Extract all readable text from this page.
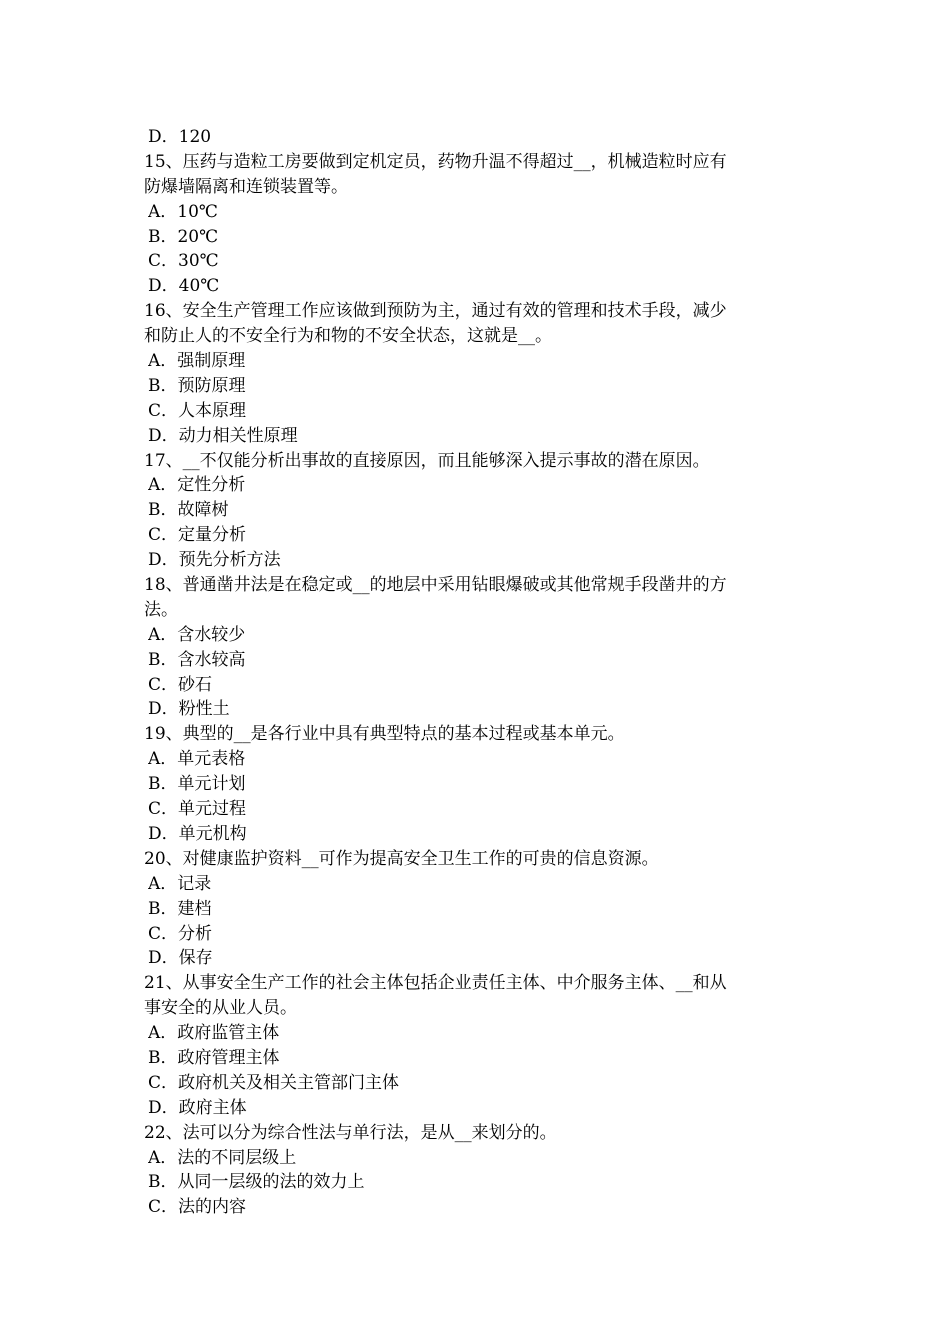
D．120
15、压药与造粒工房要做到定机定员，药物升温不得超过__，机械造粒时应有
防爆墙隔离和连锁装置等。
A．10℃
B．20℃
C．30℃
D．40℃
16、安全生产管理工作应该做到预防为主，通过有效的管理和技术手段，减少
和防止人的不安全行为和物的不安全状态，这就是__。
A．强制原理
B．预防原理
C．人本原理
D．动力相关性原理
17、__不仅能分析出事故的直接原因，而且能够深入提示事故的潜在原因。
A．定性分析
B．故障树
C．定量分析
D．预先分析方法
18、普通凿井法是在稳定或__的地层中采用钻眼爆破或其他常规手段凿井的方
法。
A．含水较少
B．含水较高
C．砂石
D．粉性土
19、典型的__是各行业中具有典型特点的基本过程或基本单元。
A．单元表格
B．单元计划
C．单元过程
D．单元机构
20、对健康监护资料__可作为提高安全卫生工作的可贵的信息资源。
A．记录
B．建档
C．分析
D．保存
21、从事安全生产工作的社会主体包括企业责任主体、中介服务主体、__和从
事安全的从业人员。
A．政府监管主体
B．政府管理主体
C．政府机关及相关主管部门主体
D．政府主体
22、法可以分为综合性法与单行法，是从__来划分的。
A．法的不同层级上
B．从同一层级的法的效力上
C．法的内容
